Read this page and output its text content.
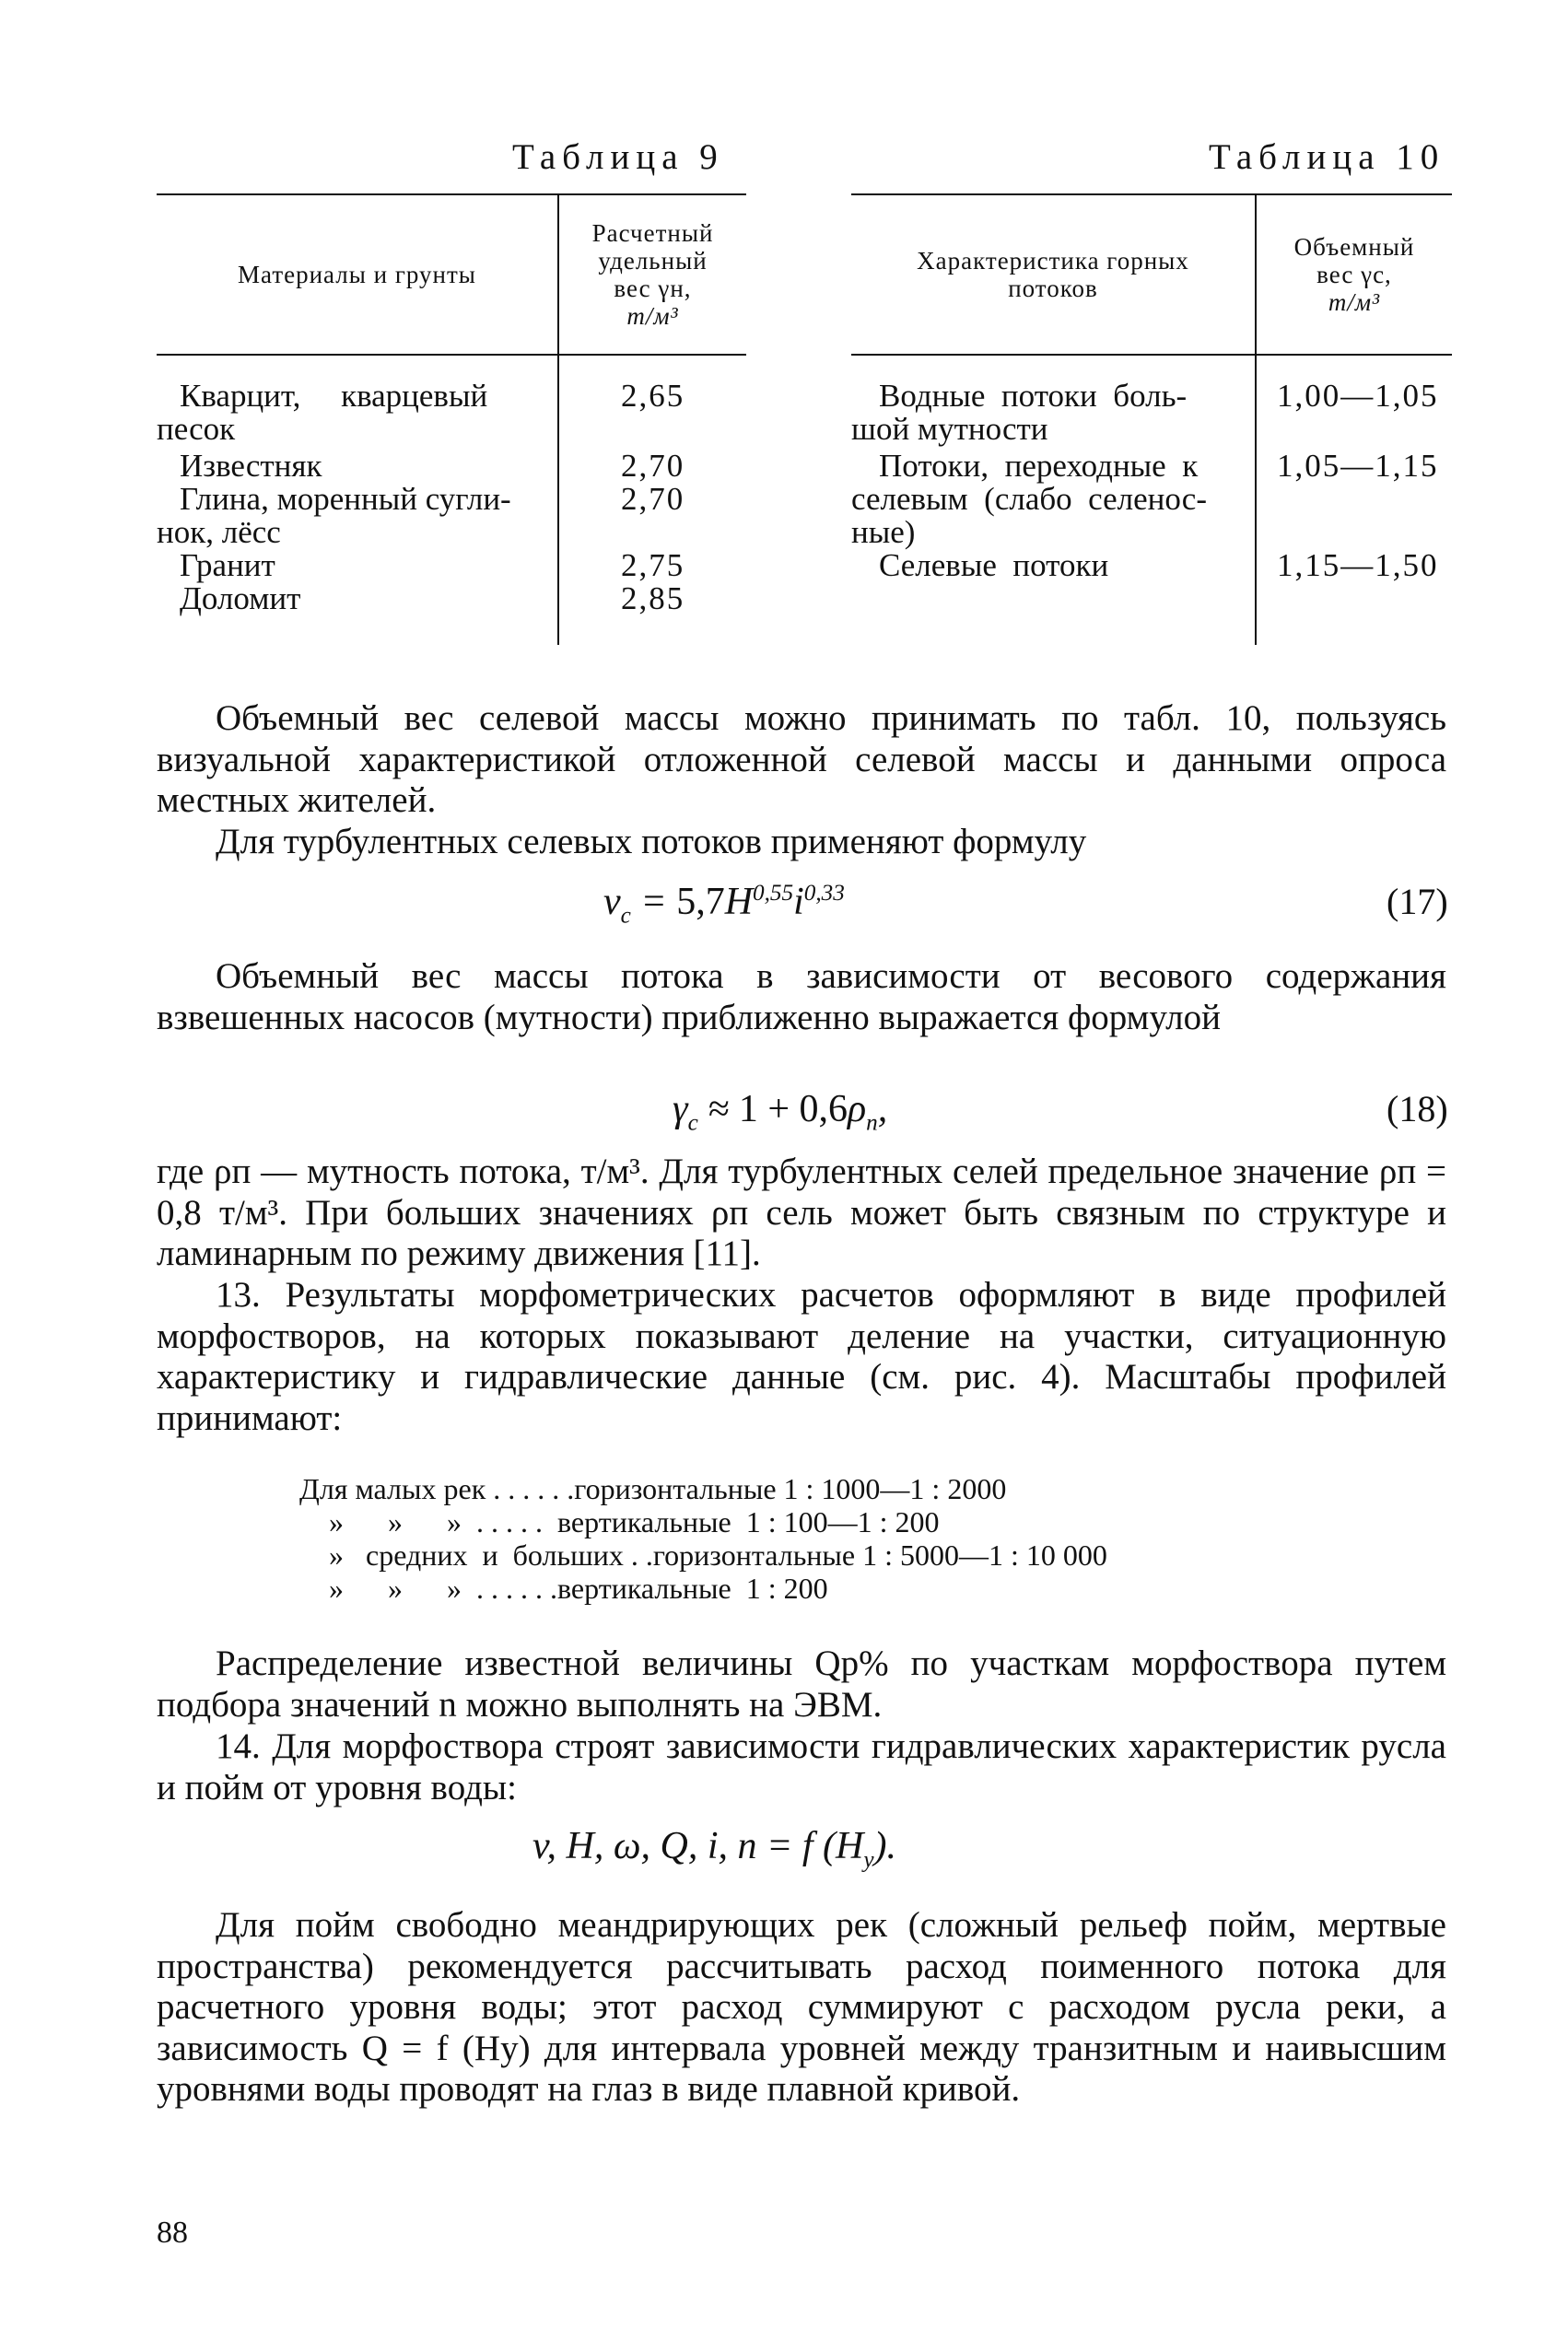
Таблица 9
Материалы и грунты
Расчетный
удельный
вес γн,
т/м³
Кварцит,     кварцевый
песок
2,65
Известняк	2,70
Глина, моренный сугли-
нок, лёсс
2,70
Гранит	2,75
Доломит	2,85
Таблица 10
Характеристика горных
потоков
Объемный
вес γс,
т/м³
Водные  потоки  боль-
шой мутности
1,00—1,05
Потоки,  переходные  к
селевым  (слабо  селенос-
ные)
1,05—1,15
Селевые  потоки	1,15—1,50
Объемный вес селевой массы можно принимать по табл. 10, пользуясь визуальной характеристикой отложенной селевой массы и данными опроса местных жителей.
Для турбулентных селевых потоков применяют формулу
$v_с = 5,7H^{0,55}i^{0,33}$	(17)
Объемный вес массы потока в зависимости от весового содержания взвешенных насосов (мутности) приближенно выражается формулой
$\gamma_с \approx 1 + 0,6\rho_п$,	(18)
где ρп — мутность потока, т/м³. Для турбулентных селей предельное значение ρп = 0,8 т/м³. При больших значениях ρп сель может быть связным по структуре и ламинарным по режиму движения [11].
13. Результаты морфометрических расчетов оформляют в виде профилей морфостворов, на которых показывают деление на участки, ситуационную характеристику и гидравлические данные (см. рис. 4). Масштабы профилей принимают:
Для малых рек . . . . . .горизонтальные 1 : 1000—1 : 2000
»      »      »  . . . . .  вертикальные  1 : 100—1 : 200
»   средних  и  больших . .горизонтальные 1 : 5000—1 : 10 000
»      »      »  . . . . . .вертикальные  1 : 200
Распределение известной величины Qр% по участкам морфоствора путем подбора значений n можно выполнять на ЭВМ.
14. Для морфоствора строят зависимости гидравлических характеристик русла и пойм от уровня воды:
v, H, ω, Q, i, n = f $(H_у)$.
Для пойм свободно меандрирующих рек (сложный рельеф пойм, мертвые пространства) рекомендуется рассчитывать расход поименного потока для расчетного уровня воды; этот расход суммируют с расходом русла реки, а зависимость Q = f (Hу) для интервала уровней между транзитным и наивысшим уровнями воды проводят на глаз в виде плавной кривой.
88
